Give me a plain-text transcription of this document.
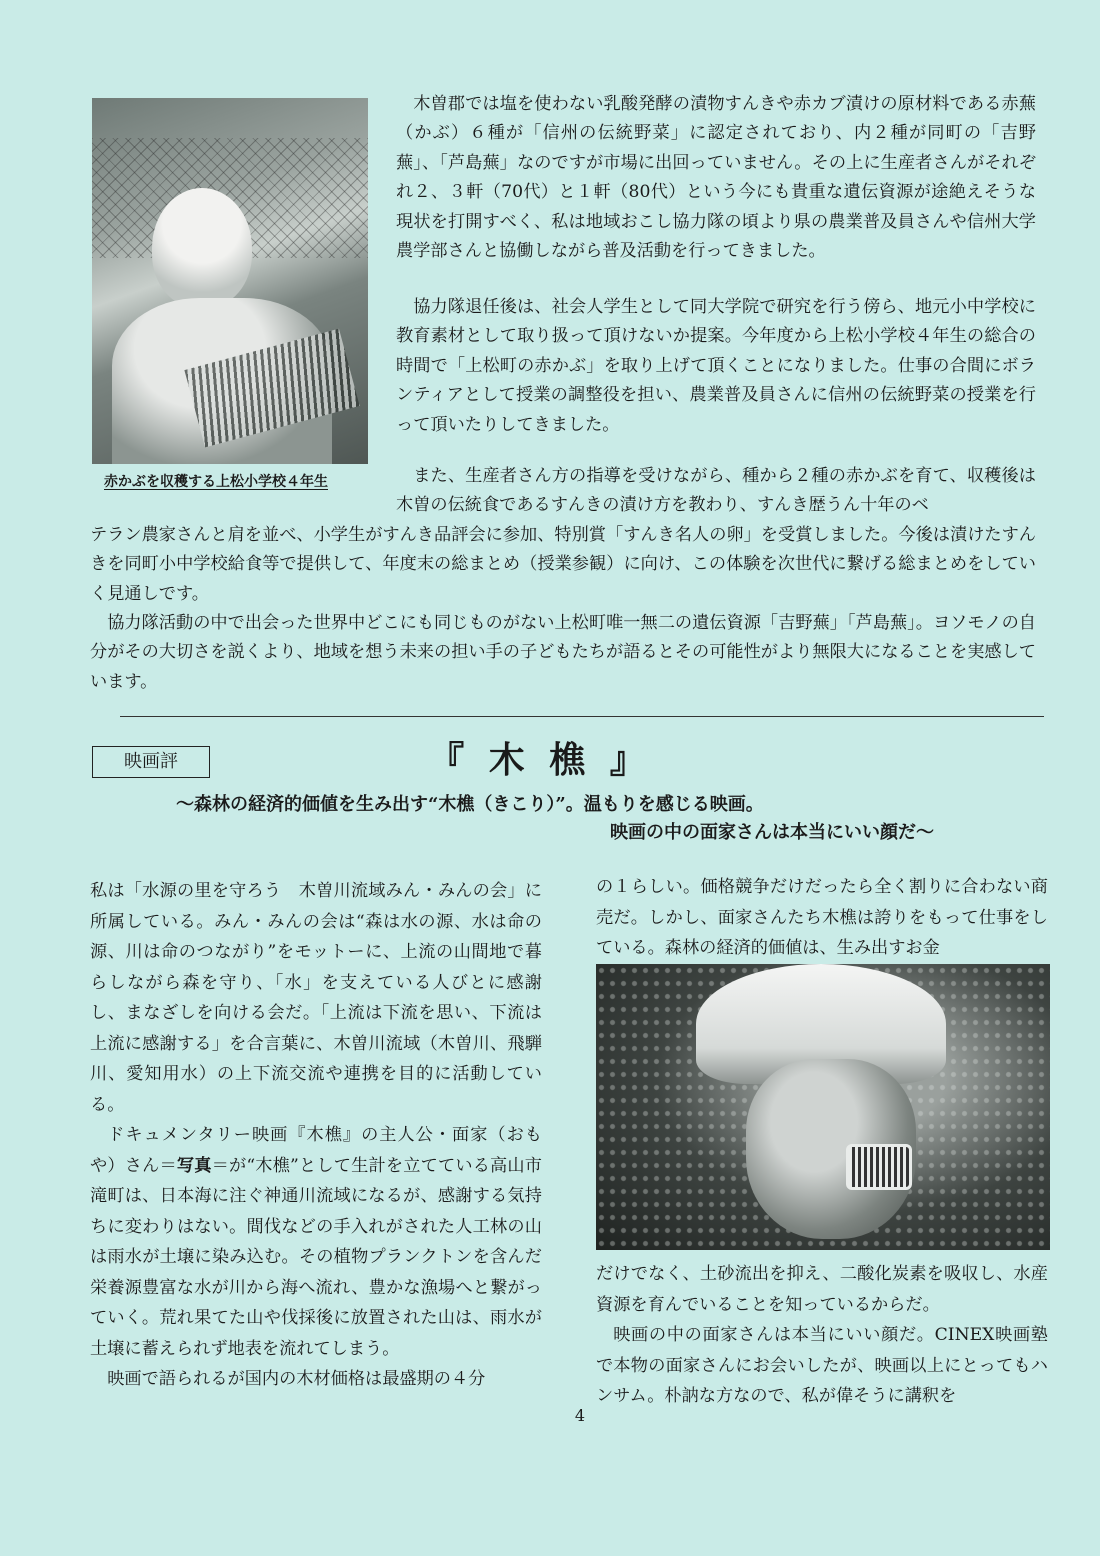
赤かぶを収穫する上松小学校４年生

木曽郡では塩を使わない乳酸発酵の漬物すんきや赤カブ漬けの原材料である赤蕪（かぶ）６種が「信州の伝統野菜」に認定されており、内２種が同町の「吉野蕪」、「芦島蕪」なのですが市場に出回っていません。その上に生産者さんがそれぞれ２、３軒（70代）と１軒（80代）という今にも貴重な遺伝資源が途絶えそうな現状を打開すべく、私は地域おこし協力隊の頃より県の農業普及員さんや信州大学農学部さんと協働しながら普及活動を行ってきました。

協力隊退任後は、社会人学生として同大学院で研究を行う傍ら、地元小中学校に教育素材として取り扱って頂けないか提案。今年度から上松小学校４年生の総合の時間で「上松町の赤かぶ」を取り上げて頂くことになりました。仕事の合間にボランティアとして授業の調整役を担い、農業普及員さんに信州の伝統野菜の授業を行って頂いたりしてきました。

また、生産者さん方の指導を受けながら、種から２種の赤かぶを育て、収穫後は木曽の伝統食であるすんきの漬け方を教わり、すんき歴うん十年のベ

テラン農家さんと肩を並べ、小学生がすんき品評会に参加、特別賞「すんき名人の卵」を受賞しました。今後は漬けたすんきを同町小中学校給食等で提供して、年度末の総まとめ（授業参観）に向け、この体験を次世代に繋げる総まとめをしていく見通しです。

協力隊活動の中で出会った世界中どこにも同じものがない上松町唯一無二の遺伝資源「吉野蕪」「芦島蕪」。ヨソモノの自分がその大切さを説くより、地域を想う未来の担い手の子どもたちが語るとその可能性がより無限大になることを実感しています。

映画評	『 木 樵 』
～森林の経済的価値を生み出す“木樵（きこり）”。温もりを感じる映画。
映画の中の面家さんは本当にいい顔だ～

私は「水源の里を守ろう　木曽川流域みん・みんの会」に所属している。みん・みんの会は“森は水の源、水は命の源、川は命のつながり”をモットーに、上流の山間地で暮らしながら森を守り、「水」を支えている人びとに感謝し、まなざしを向ける会だ。「上流は下流を思い、下流は上流に感謝する」を合言葉に、木曽川流域（木曽川、飛騨川、愛知用水）の上下流交流や連携を目的に活動している。

ドキュメンタリー映画『木樵』の主人公・面家（おもや）さん＝写真＝が“木樵”として生計を立てている高山市滝町は、日本海に注ぐ神通川流域になるが、感謝する気持ちに変わりはない。間伐などの手入れがされた人工林の山は雨水が土壌に染み込む。その植物プランクトンを含んだ栄養源豊富な水が川から海へ流れ、豊かな漁場へと繋がっていく。荒れ果てた山や伐採後に放置された山は、雨水が土壌に蓄えられず地表を流れてしまう。

映画で語られるが国内の木材価格は最盛期の４分

の１らしい。価格競争だけだったら全く割りに合わない商売だ。しかし、面家さんたち木樵は誇りをもって仕事をしている。森林の経済的価値は、生み出すお金

だけでなく、土砂流出を抑え、二酸化炭素を吸収し、水産資源を育んでいることを知っているからだ。

映画の中の面家さんは本当にいい顔だ。CINEX映画塾で本物の面家さんにお会いしたが、映画以上にとってもハンサム。朴訥な方なので、私が偉そうに講釈を

4
